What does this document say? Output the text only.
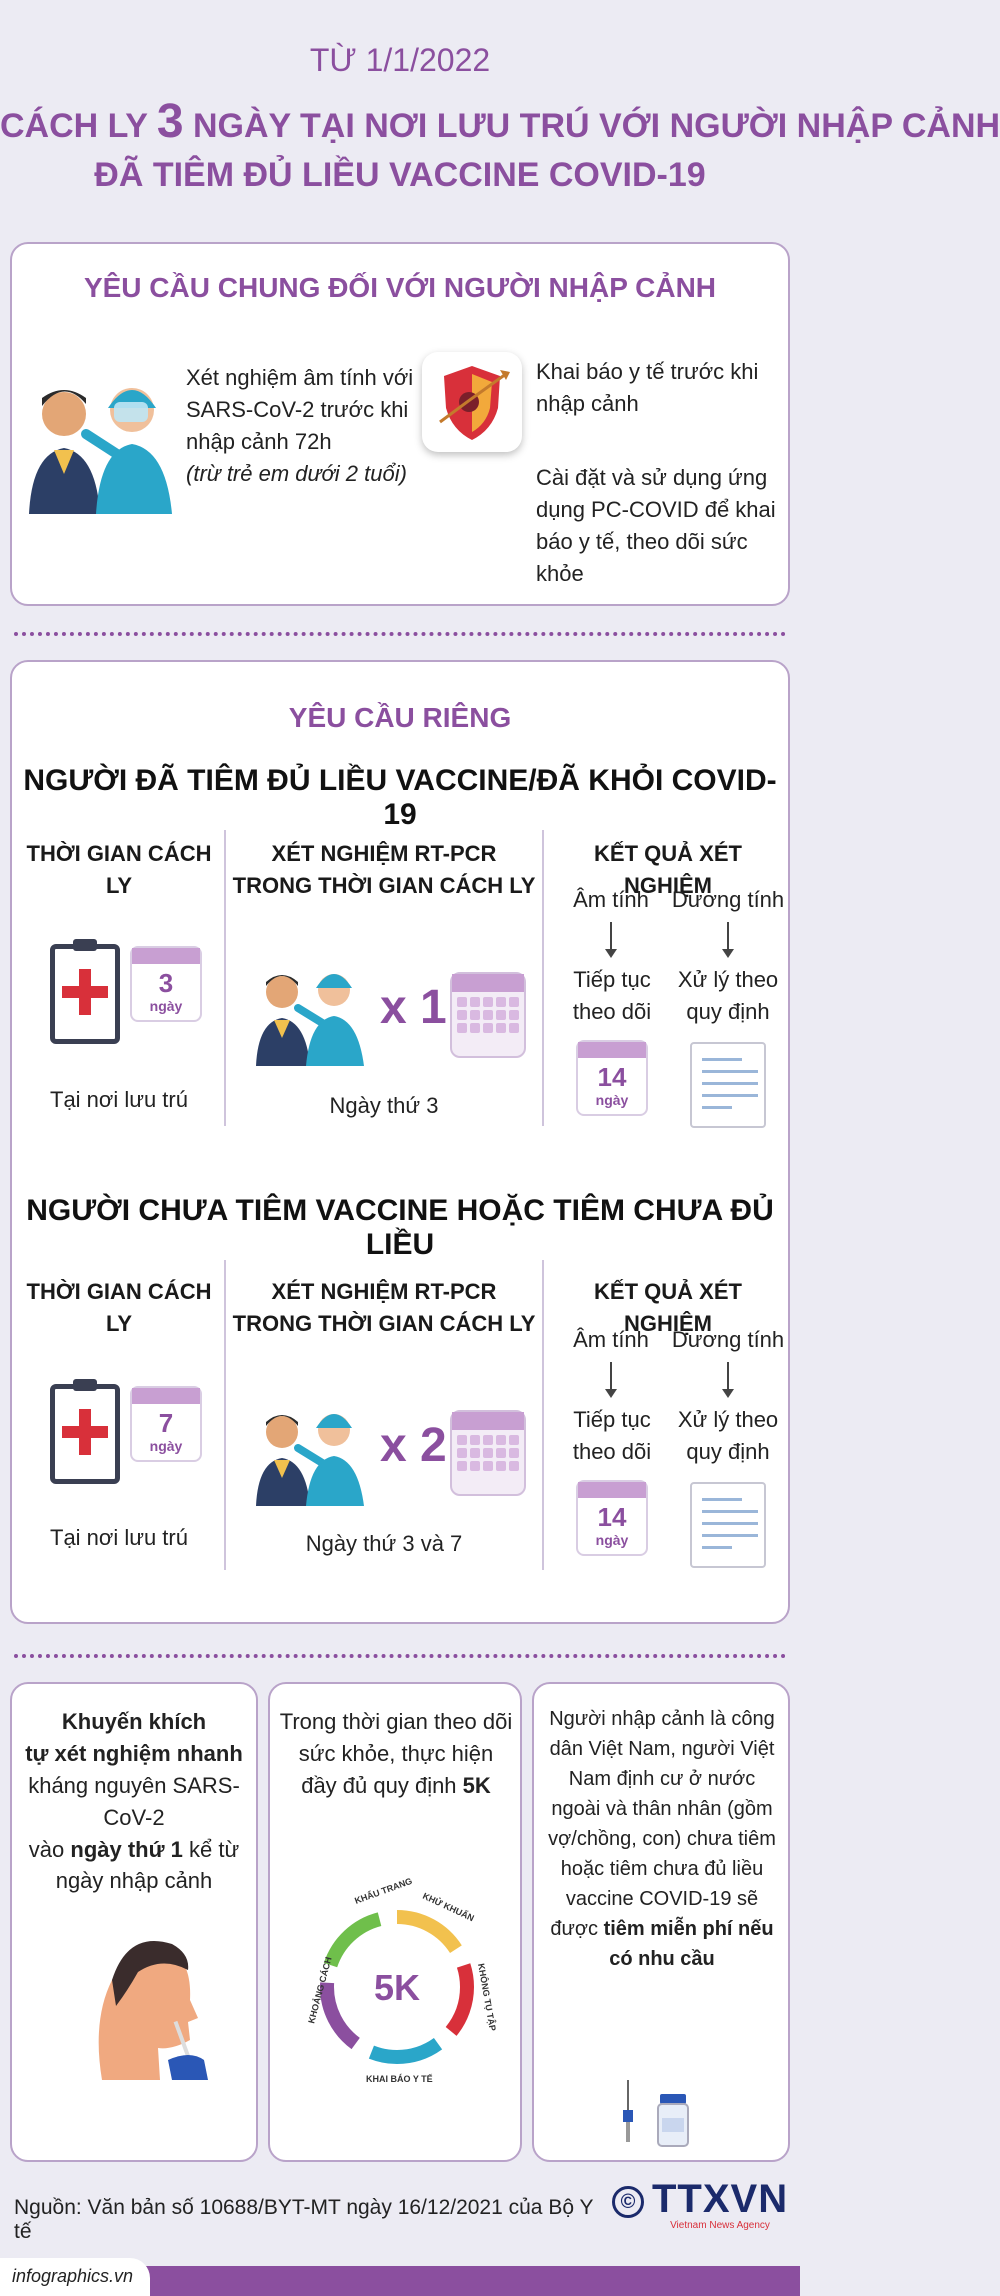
TỪ 1/1/2022
CÁCH LY 3 NGÀY TẠI NƠI LƯU TRÚ VỚI NGƯỜI NHẬP CẢNH
ĐÃ TIÊM ĐỦ LIỀU VACCINE COVID-19
YÊU CẦU CHUNG ĐỐI VỚI NGƯỜI NHẬP CẢNH
Xét nghiệm âm tính với SARS-CoV-2 trước khi nhập cảnh 72h
(trừ trẻ em dưới 2 tuổi)
Khai báo y tế trước khi nhập cảnh
Cài đặt và sử dụng ứng dụng PC-COVID để khai báo y tế, theo dõi sức khỏe
YÊU CẦU RIÊNG
NGƯỜI ĐÃ TIÊM ĐỦ LIỀU VACCINE/ĐÃ KHỎI COVID-19
THỜI GIAN CÁCH LY
3
ngày
Tại nơi lưu trú
XÉT NGHIỆM RT-PCR TRONG THỜI GIAN CÁCH LY
x 1
Ngày thứ 3
KẾT QUẢ XÉT NGHIỆM
Âm tính	Dương tính
Tiếp tục theo dõi
Xử lý theo quy định
14
ngày
NGƯỜI CHƯA TIÊM VACCINE HOẶC TIÊM CHƯA ĐỦ LIỀU
THỜI GIAN CÁCH LY
7
ngày
Tại nơi lưu trú
XÉT NGHIỆM RT-PCR TRONG THỜI GIAN CÁCH LY
x 2
Ngày thứ 3 và 7
KẾT QUẢ XÉT NGHIỆM
Âm tính	Dương tính
Tiếp tục theo dõi
Xử lý theo quy định
14
ngày
Khuyến khích
tự xét nghiệm nhanh
kháng nguyên SARS-CoV-2
vào ngày thứ 1 kể từ
ngày nhập cảnh
Trong thời gian theo dõi sức khỏe, thực hiện đầy đủ quy định 5K
5K
KHẨU TRANG KHỬ KHUẨN
KHÔNG TỤ TẬP
KHAI BÁO Y TẾ
KHOẢNG CÁCH
Người nhập cảnh là công dân Việt Nam, người Việt Nam định cư ở nước ngoài và thân nhân (gồm vợ/chồng, con) chưa tiêm hoặc tiêm chưa đủ liều vaccine COVID-19 sẽ được tiêm miễn phí nếu có nhu cầu
Nguồn: Văn bản số 10688/BYT-MT ngày 16/12/2021 của Bộ Y tế
© TTXVN
Vietnam News Agency
infographics.vn
